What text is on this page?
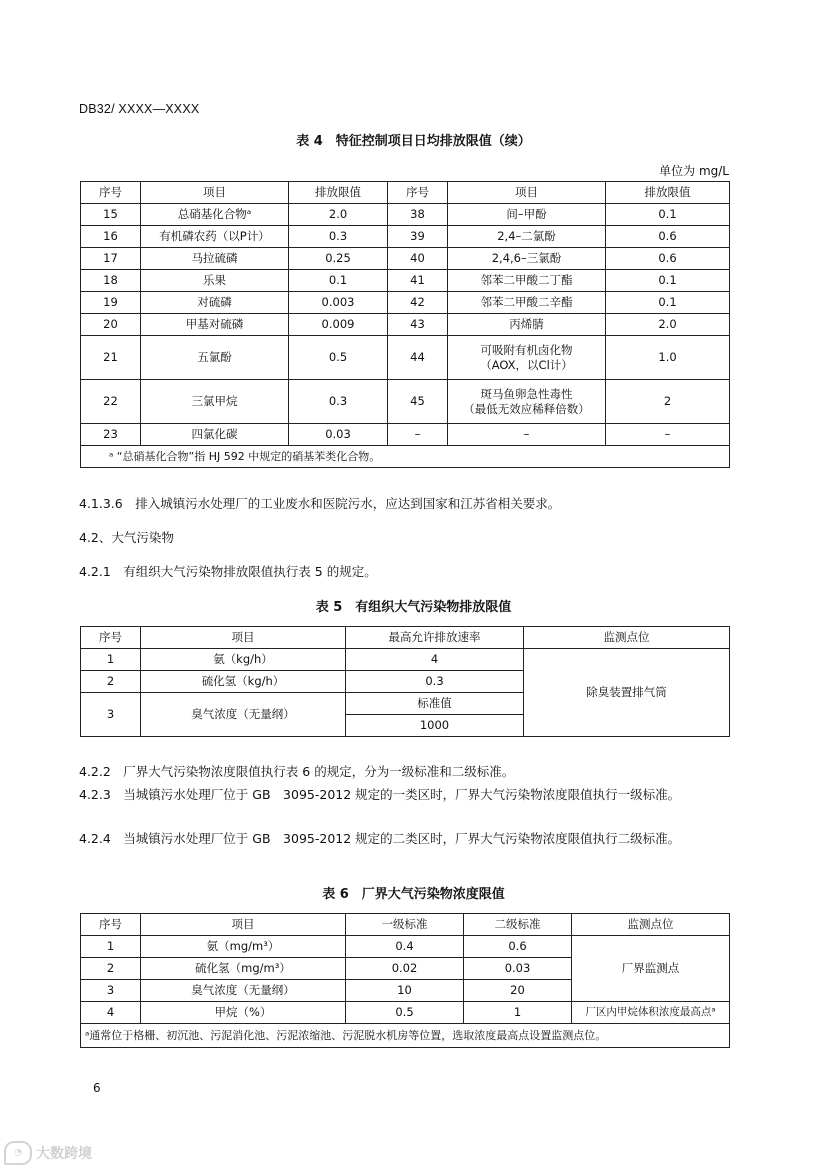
DB32/ XXXX—XXXX
表 4　特征控制项目日均排放限值（续）
单位为 mg/L
序号	项目	排放限值	序号	项目	排放限值
15	总硝基化合物ᵃ	2.0	38	间–甲酚	0.1
16	有机磷农药（以P计）	0.3	39	2,4–二氯酚	0.6
17	马拉硫磷	0.25	40	2,4,6–三氯酚	0.6
18	乐果	0.1	41	邻苯二甲酸二丁酯	0.1
19	对硫磷	0.003	42	邻苯二甲酸二辛酯	0.1
20	甲基对硫磷	0.009	43	丙烯腈	2.0
21	五氯酚	0.5	44	可吸附有机卤化物
（AOX，以Cl计）	1.0
22	三氯甲烷	0.3	45	斑马鱼卵急性毒性
（最低无效应稀释倍数）	2
23	四氯化碳	0.03	–	–	–
ᵃ “总硝基化合物”指 HJ 592 中规定的硝基苯类化合物。					
4.1.3.6　排入城镇污水处理厂的工业废水和医院污水，应达到国家和江苏省相关要求。
4.2、大气污染物
4.2.1　有组织大气污染物排放限值执行表 5 的规定。
表 5　有组织大气污染物排放限值
序号	项目	最高允许排放速率	监测点位
1	氨（kg/h）	4	除臭装置排气筒
2	硫化氢（kg/h）	0.3	
3	臭气浓度（无量纲）	标准值	
		1000	
4.2.2　厂界大气污染物浓度限值执行表 6 的规定，分为一级标准和二级标准。
4.2.3　当城镇污水处理厂位于 GB　3095-2012 规定的一类区时，厂界大气污染物浓度限值执行一级标准。
4.2.4　当城镇污水处理厂位于 GB　3095-2012 规定的二类区时，厂界大气污染物浓度限值执行二级标准。
表 6　厂界大气污染物浓度限值
序号	项目	一级标准	二级标准	监测点位
1	氨（mg/m³）	0.4	0.6	厂界监测点
2	硫化氢（mg/m³）	0.02	0.03	
3	臭气浓度（无量纲）	10	20	
4	甲烷（%）	0.5	1	厂区内甲烷体积浓度最高点ᵃ
ᵃ通常位于格栅、初沉池、污泥消化池、污泥浓缩池、污泥脱水机房等位置，选取浓度最高点设置监测点位。				
6
◔	大数跨境
